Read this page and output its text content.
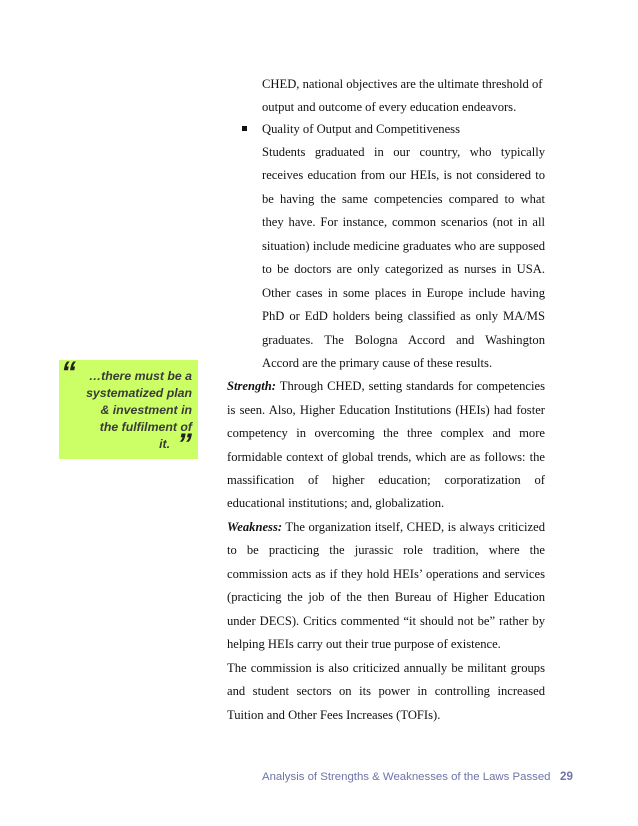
CHED, national objectives are the ultimate threshold of
output and outcome of every education endeavors.
Quality of Output and Competitiveness
Students graduated in our country, who typically
receives education from our HEIs, is not considered to
be having the same competencies compared to what
they have. For instance, common scenarios (not in all
situation) include medicine graduates who are supposed
to be doctors are only categorized as nurses in USA.
Other cases in some places in Europe include having
PhD or EdD holders being classified as only MA/MS
graduates. The Bologna Accord and Washington
Accord are the primary cause of these results.
Strength: Through CHED, setting standards for competencies
is seen. Also, Higher Education Institutions (HEIs) had foster
competency in overcoming the three complex and more
formidable context of global trends, which are as follows: the
massification of higher education; corporatization of
educational institutions; and, globalization.
Weakness: The organization itself, CHED, is always criticized
to be practicing the jurassic role tradition, where the
commission acts as if they hold HEIs’ operations and services
(practicing the job of the then Bureau of Higher Education
under DECS). Critics commented “it should not be” rather by
helping HEIs carry out their true purpose of existence.
The commission is also criticized annually be militant groups
and student sectors on its power in controlling increased
Tuition and Other Fees Increases (TOFIs).
“ …there must be a
systematized plan
& investment in
the fulfilment of
it. ”
Analysis of Strengths & Weaknesses of the Laws Passed 29
